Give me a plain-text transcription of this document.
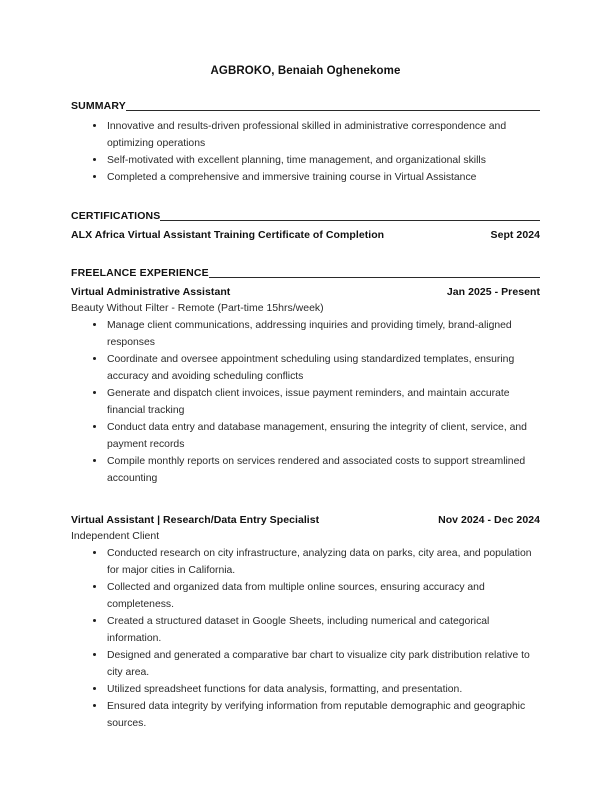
AGBROKO, Benaiah Oghenekome
SUMMARY
Innovative and results-driven professional skilled in administrative correspondence and optimizing operations
Self-motivated with excellent planning, time management, and organizational skills
Completed a comprehensive and immersive training course in Virtual Assistance
CERTIFICATIONS
ALX Africa Virtual Assistant Training Certificate of Completion	Sept 2024
FREELANCE EXPERIENCE
Virtual Administrative Assistant	Jan 2025 - Present
Beauty Without Filter - Remote (Part-time 15hrs/week)
Manage client communications, addressing inquiries and providing timely, brand-aligned responses
Coordinate and oversee appointment scheduling using standardized templates, ensuring accuracy and avoiding scheduling conflicts
Generate and dispatch client invoices, issue payment reminders, and maintain accurate financial tracking
Conduct data entry and database management, ensuring the integrity of client, service, and payment records
Compile monthly reports on services rendered and associated costs to support streamlined accounting
Virtual Assistant | Research/Data Entry Specialist	Nov 2024 - Dec 2024
Independent Client
Conducted research on city infrastructure, analyzing data on parks, city area, and population for major cities in California.
Collected and organized data from multiple online sources, ensuring accuracy and completeness.
Created a structured dataset in Google Sheets, including numerical and categorical information.
Designed and generated a comparative bar chart to visualize city park distribution relative to city area.
Utilized spreadsheet functions for data analysis, formatting, and presentation.
Ensured data integrity by verifying information from reputable demographic and geographic sources.
